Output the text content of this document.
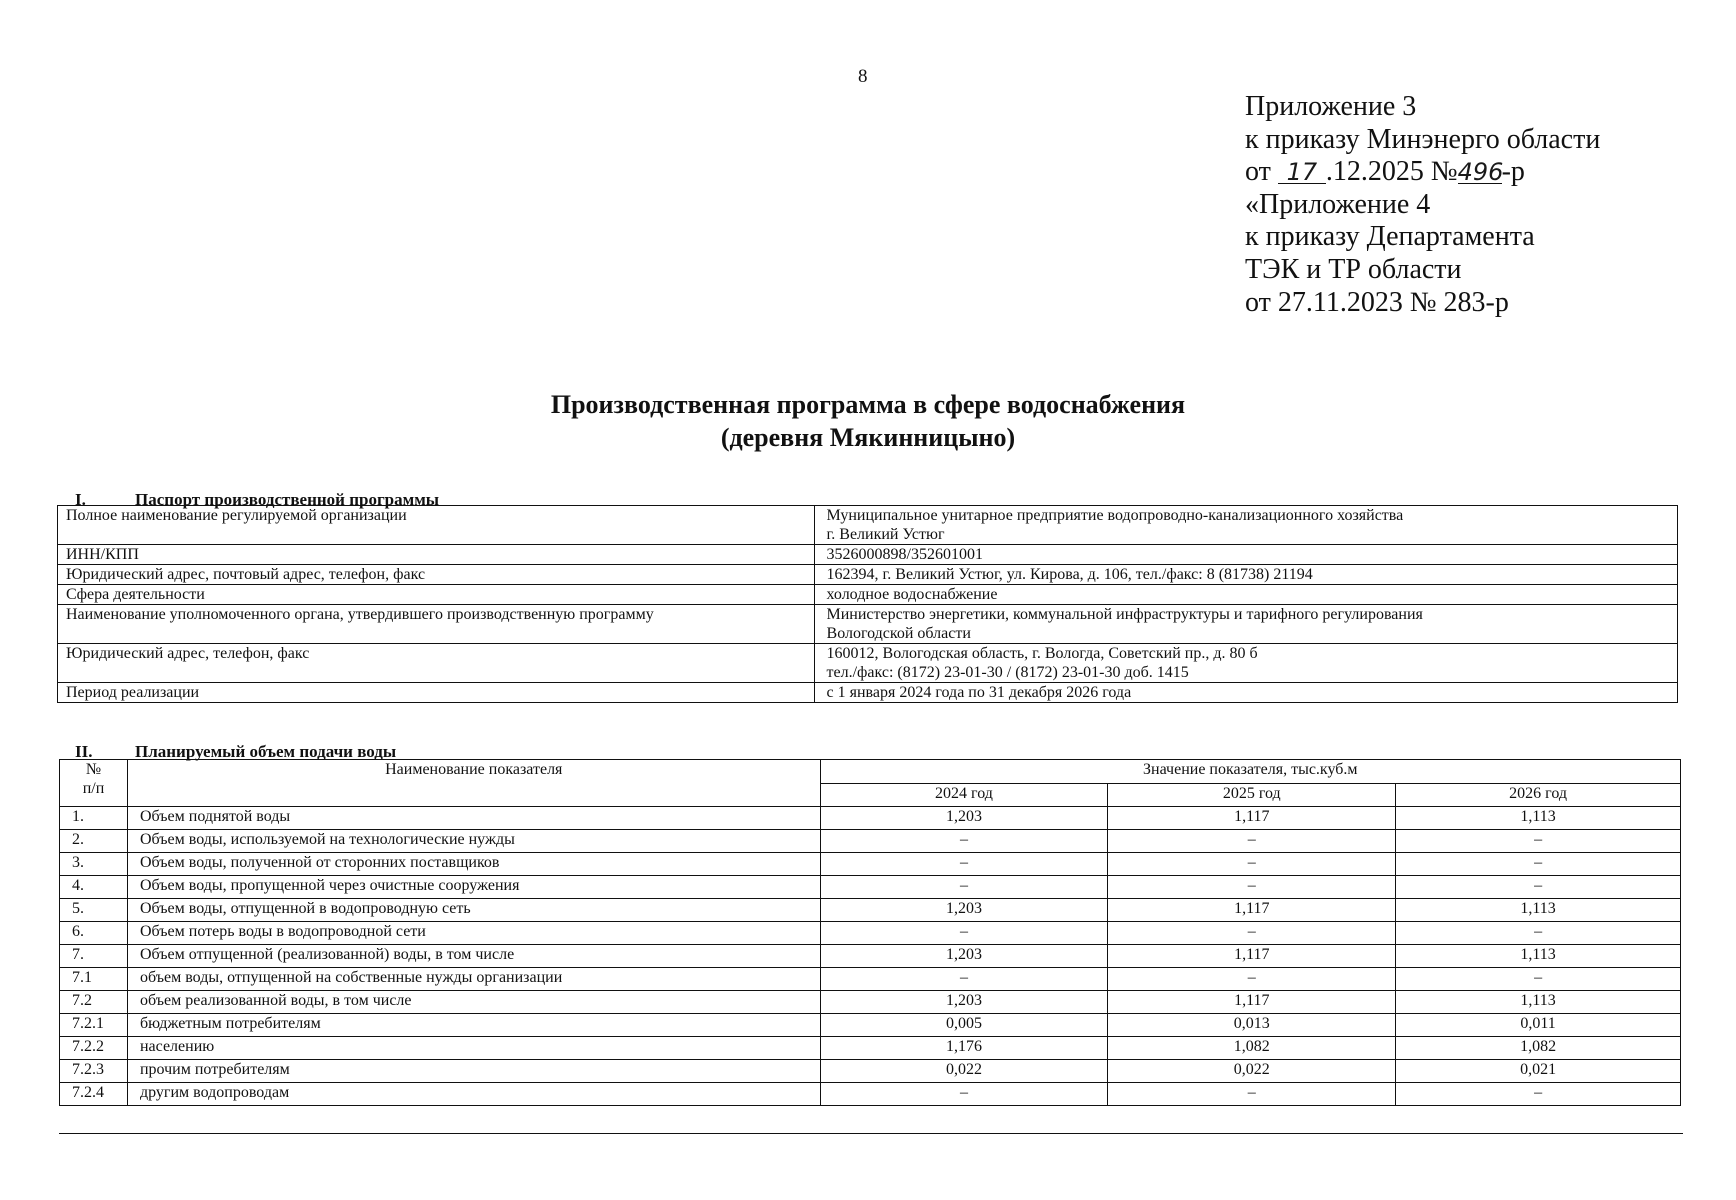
8
Приложение 3
к приказу Минэнерго области
от 17 .12.2025 №496-р
«Приложение 4
к приказу Департамента
ТЭК и ТР области
от 27.11.2023 № 283-р
Производственная программа в сфере водоснабжения
(деревня Мякинницыно)
I.	Паспорт производственной программы
Полное наименование регулируемой организации	Муниципальное унитарное предприятие водопроводно-канализационного хозяйства
г. Великий Устюг

ИНН/КПП	3526000898/352601001

Юридический адрес, почтовый адрес, телефон, факс	162394, г. Великий Устюг, ул. Кирова, д. 106, тел./факс: 8 (81738) 21194

Сфера деятельности	холодное водоснабжение

Наименование уполномоченного органа, утвердившего производственную программу	Министерство энергетики, коммунальной инфраструктуры и тарифного регулирования
Вологодской области

Юридический адрес, телефон, факс	160012, Вологодская область, г. Вологда, Советский пр., д. 80 б
тел./факс: (8172) 23-01-30 / (8172) 23-01-30 доб. 1415

Период реализации	с 1 января 2024 года по 31 декабря 2026 года
II.	Планируемый объем подачи воды
№
п/п	Наименование показателя	Значение показателя, тыс.куб.м		
		2024 год	2025 год	2026 год
1.	Объем поднятой воды	1,203	1,117	1,113
2.	Объем воды, используемой на технологические нужды	–	–	–
3.	Объем воды, полученной от сторонних поставщиков	–	–	–
4.	Объем воды, пропущенной через очистные сооружения	–	–	–
5.	Объем воды, отпущенной в водопроводную сеть	1,203	1,117	1,113
6.	Объем потерь воды в водопроводной сети	–	–	–
7.	Объем отпущенной (реализованной) воды, в том числе	1,203	1,117	1,113
7.1	объем воды, отпущенной на собственные нужды организации	–	–	–
7.2	объем реализованной воды, в том числе	1,203	1,117	1,113
7.2.1	бюджетным потребителям	0,005	0,013	0,011
7.2.2	населению	1,176	1,082	1,082
7.2.3	прочим потребителям	0,022	0,022	0,021
7.2.4	другим водопроводам	–	–	–
